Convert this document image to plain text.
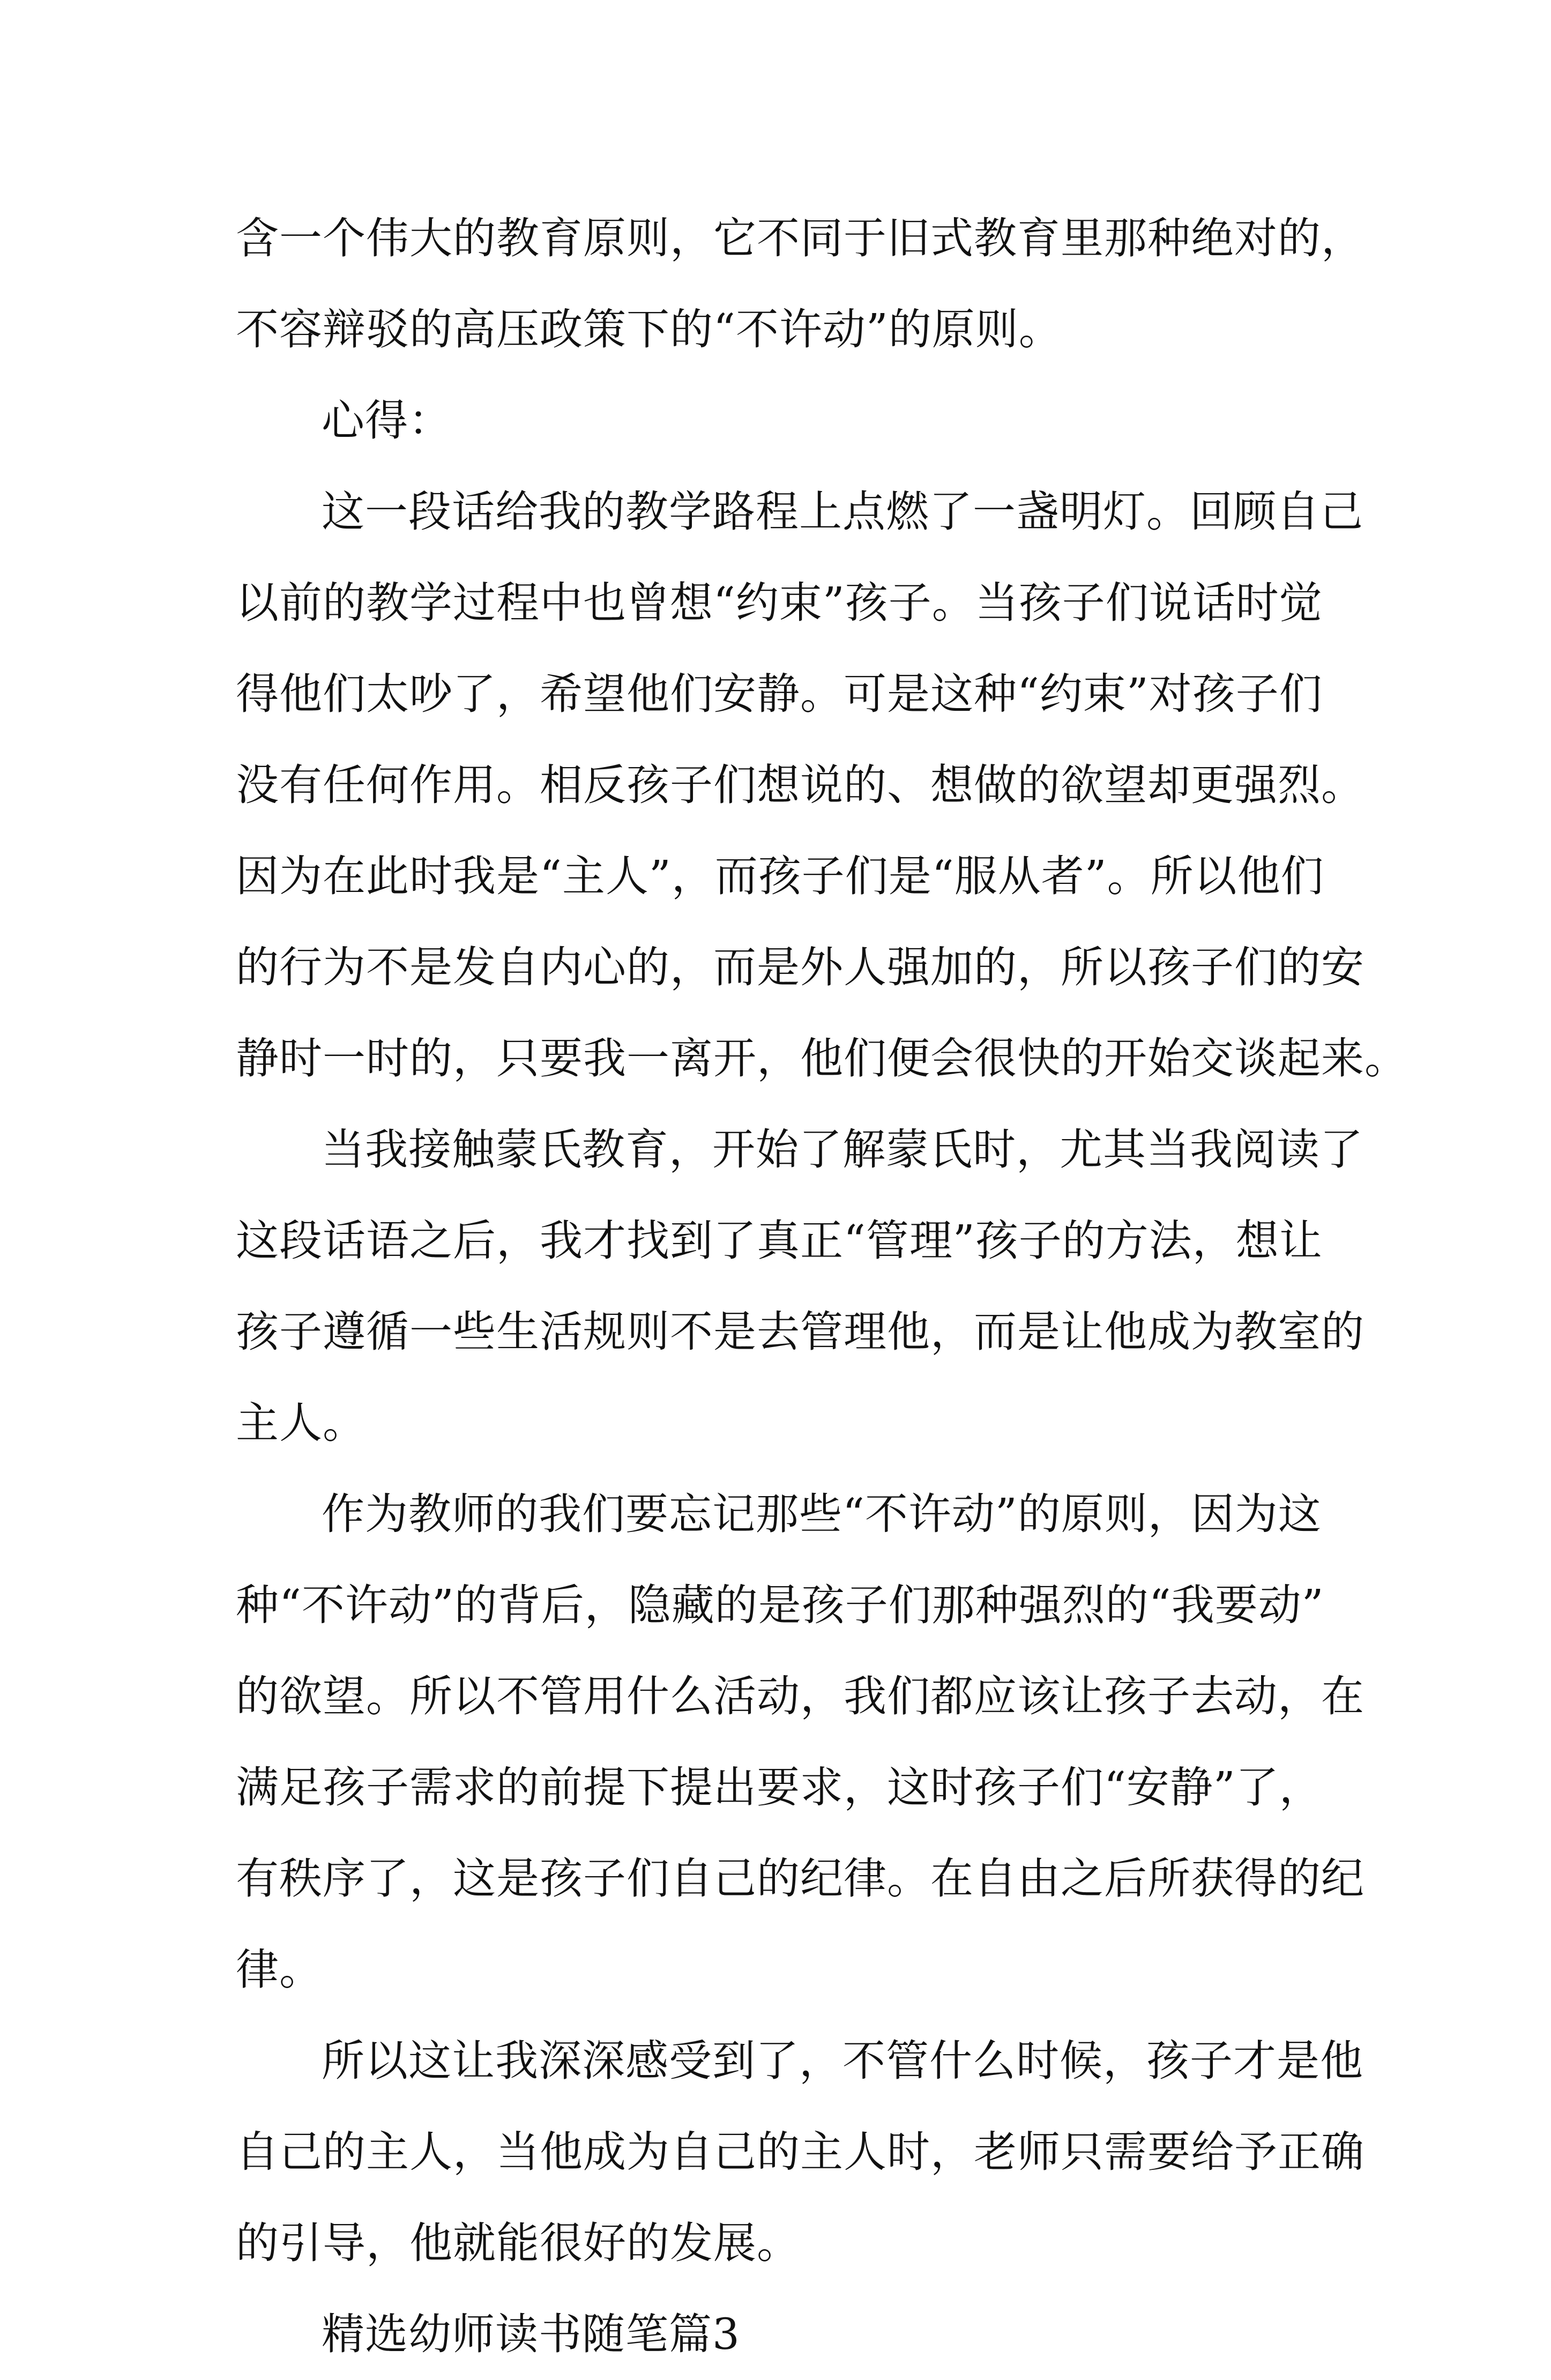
含一个伟大的教育原则，它不同于旧式教育里那种绝对的，
不容辩驳的高压政策下的“不许动”的原则。
心得：
这一段话给我的教学路程上点燃了一盏明灯。回顾自己
以前的教学过程中也曾想“约束”孩子。当孩子们说话时觉
得他们太吵了，希望他们安静。可是这种“约束”对孩子们
没有任何作用。相反孩子们想说的、想做的欲望却更强烈。
因为在此时我是“主人”，而孩子们是“服从者”。所以他们
的行为不是发自内心的，而是外人强加的，所以孩子们的安
静时一时的，只要我一离开，他们便会很快的开始交谈起来。
当我接触蒙氏教育，开始了解蒙氏时，尤其当我阅读了
这段话语之后，我才找到了真正“管理”孩子的方法，想让
孩子遵循一些生活规则不是去管理他，而是让他成为教室的
主人。
作为教师的我们要忘记那些“不许动”的原则，因为这
种“不许动”的背后，隐藏的是孩子们那种强烈的“我要动”
的欲望。所以不管用什么活动，我们都应该让孩子去动，在
满足孩子需求的前提下提出要求，这时孩子们“安静”了，
有秩序了，这是孩子们自己的纪律。在自由之后所获得的纪
律。
所以这让我深深感受到了，不管什么时候，孩子才是他
自己的主人，当他成为自己的主人时，老师只需要给予正确
的引导，他就能很好的发展。
精选幼师读书随笔篇3
